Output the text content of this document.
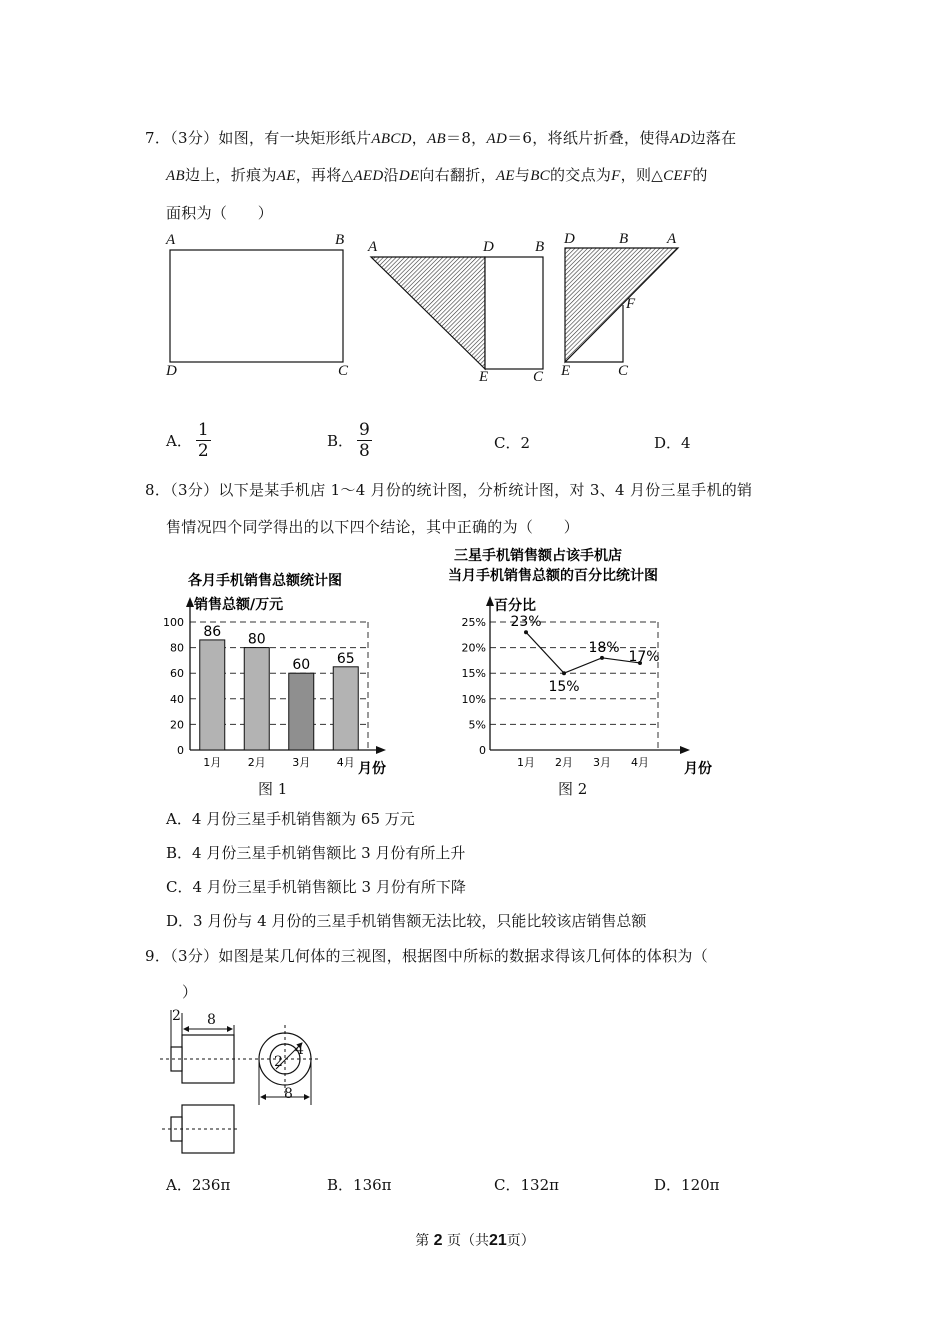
7．（3分）如图，有一块矩形纸片ABCD，AB＝8，AD＝6，将纸片折叠，使得AD边落在
AB边上，折痕为AE，再将△AED沿DE向右翻折，AE与BC的交点为F，则△CEF的
面积为（　　）
A	B
D	C
A	D	B
E	C
D	B	A
F
E	C
A． $\frac{1}{2}$	B． $\frac{9}{8}$	C．2	D．4
8．（3分）以下是某手机店 1～4 月份的统计图，分析统计图，对 3、4 月份三星手机的销
售情况四个同学得出的以下四个结论，其中正确的为（　　）
各月手机销售总额统计图
销售总额/万元
月份
0
20
40
60
80
100
86
1月
80
2月
60
3月
65
4月
三星手机销售额占该手机店
当月手机销售总额的百分比统计图
百分比
月份
0
5%
10%
15%
20%
25% 23%
1月
15%
2月
18%
3月
17%
4月
图 1	图 2
A．4 月份三星手机销售额为 65 万元
B．4 月份三星手机销售额比 3 月份有所上升
C．4 月份三星手机销售额比 3 月份有所下降
D．3 月份与 4 月份的三星手机销售额无法比较，只能比较该店销售总额
9．（3分）如图是某几何体的三视图，根据图中所标的数据求得该几何体的体积为（
）
2 8
4
2
8
A．236π	B．136π	C．132π	D．120π
第 2 页（共21页）
